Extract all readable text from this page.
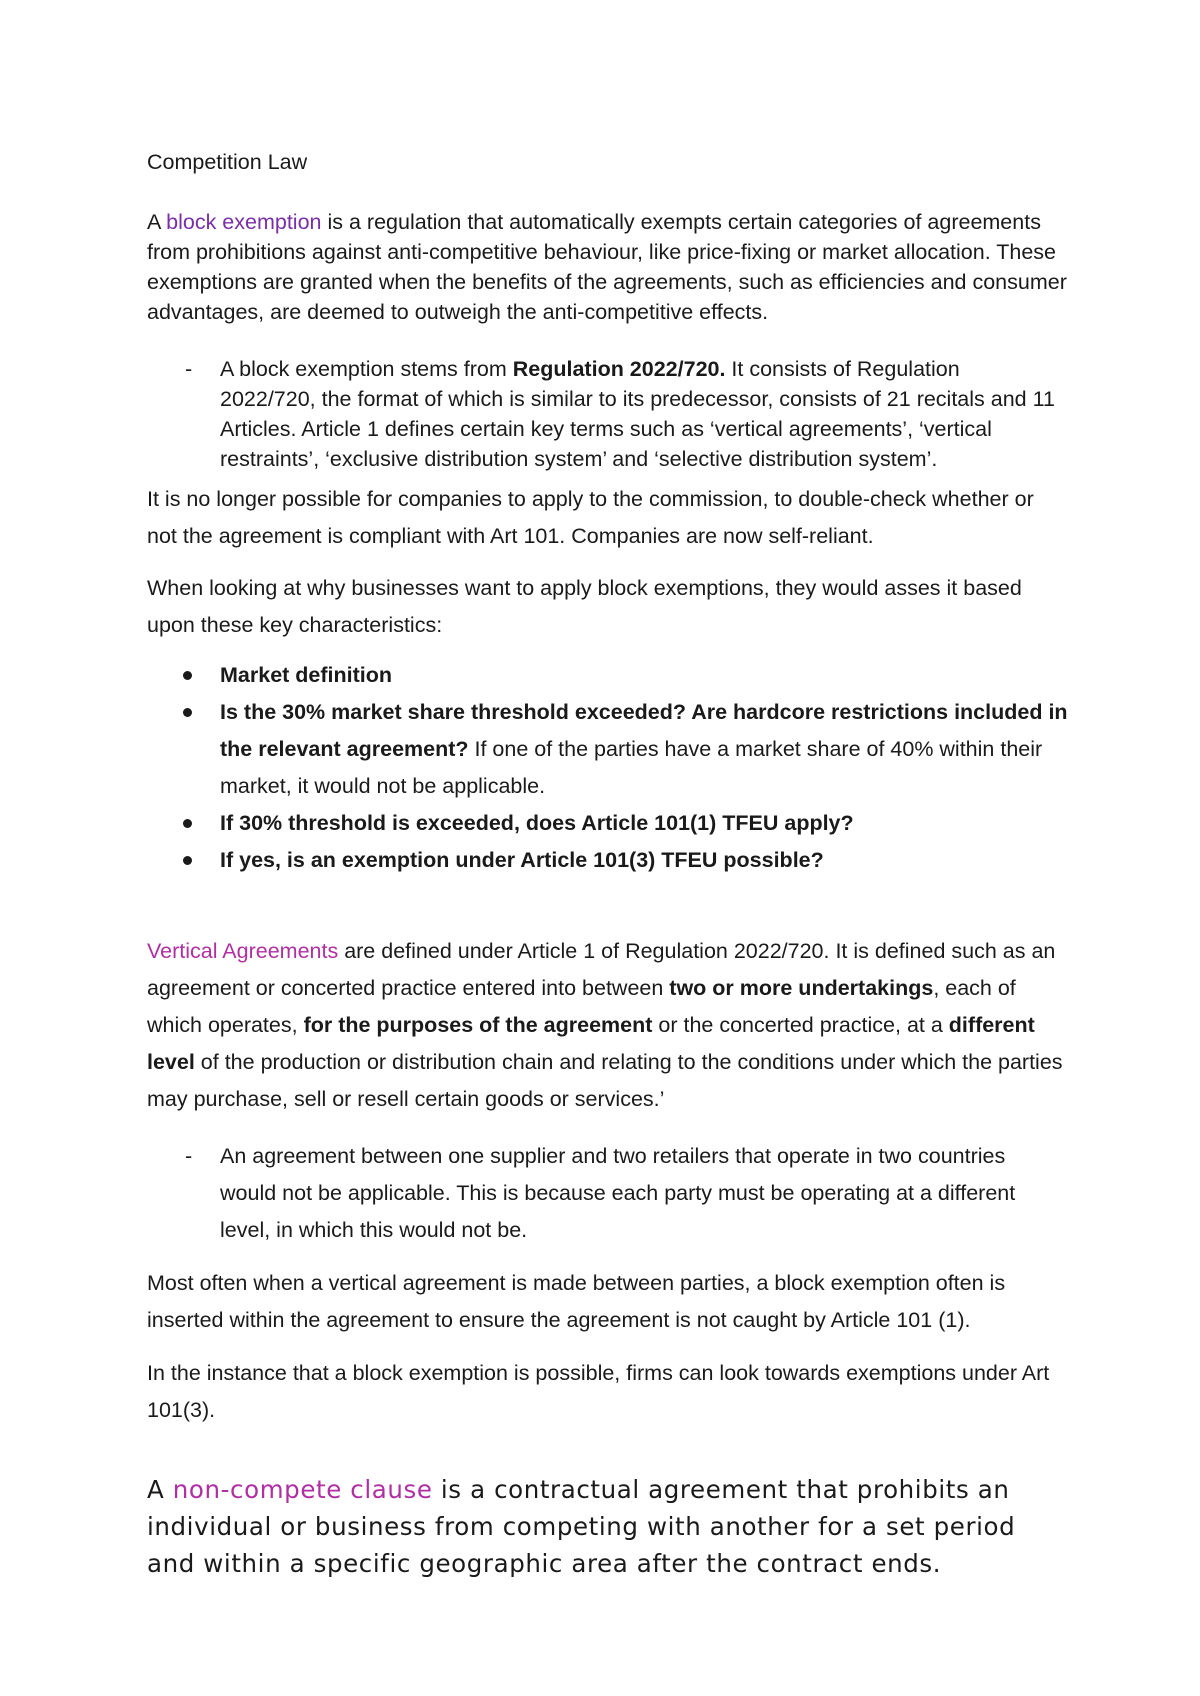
Competition Law

A block exemption is a regulation that automatically exempts certain categories of agreements from prohibitions against anti-competitive behaviour, like price-fixing or market allocation. These exemptions are granted when the benefits of the agreements, such as efficiencies and consumer advantages, are deemed to outweigh the anti-competitive effects.

- A block exemption stems from Regulation 2022/720. It consists of Regulation 2022/720, the format of which is similar to its predecessor, consists of 21 recitals and 11 Articles. Article 1 defines certain key terms such as ‘vertical agreements’, ‘vertical restraints’, ‘exclusive distribution system’ and ‘selective distribution system’.

It is no longer possible for companies to apply to the commission, to double-check whether or not the agreement is compliant with Art 101. Companies are now self-reliant.

When looking at why businesses want to apply block exemptions, they would asses it based upon these key characteristics:

Market definition
Is the 30% market share threshold exceeded? Are hardcore restrictions included in the relevant agreement? If one of the parties have a market share of 40% within their market, it would not be applicable.
If 30% threshold is exceeded, does Article 101(1) TFEU apply?
If yes, is an exemption under Article 101(3) TFEU possible?

Vertical Agreements are defined under Article 1 of Regulation 2022/720. It is defined such as an agreement or concerted practice entered into between two or more undertakings, each of which operates, for the purposes of the agreement or the concerted practice, at a different level of the production or distribution chain and relating to the conditions under which the parties may purchase, sell or resell certain goods or services.’

- An agreement between one supplier and two retailers that operate in two countries would not be applicable. This is because each party must be operating at a different level, in which this would not be.

Most often when a vertical agreement is made between parties, a block exemption often is inserted within the agreement to ensure the agreement is not caught by Article 101 (1).

In the instance that a block exemption is possible, firms can look towards exemptions under Art 101(3).

A non-compete clause is a contractual agreement that prohibits an individual or business from competing with another for a set period and within a specific geographic area after the contract ends.
